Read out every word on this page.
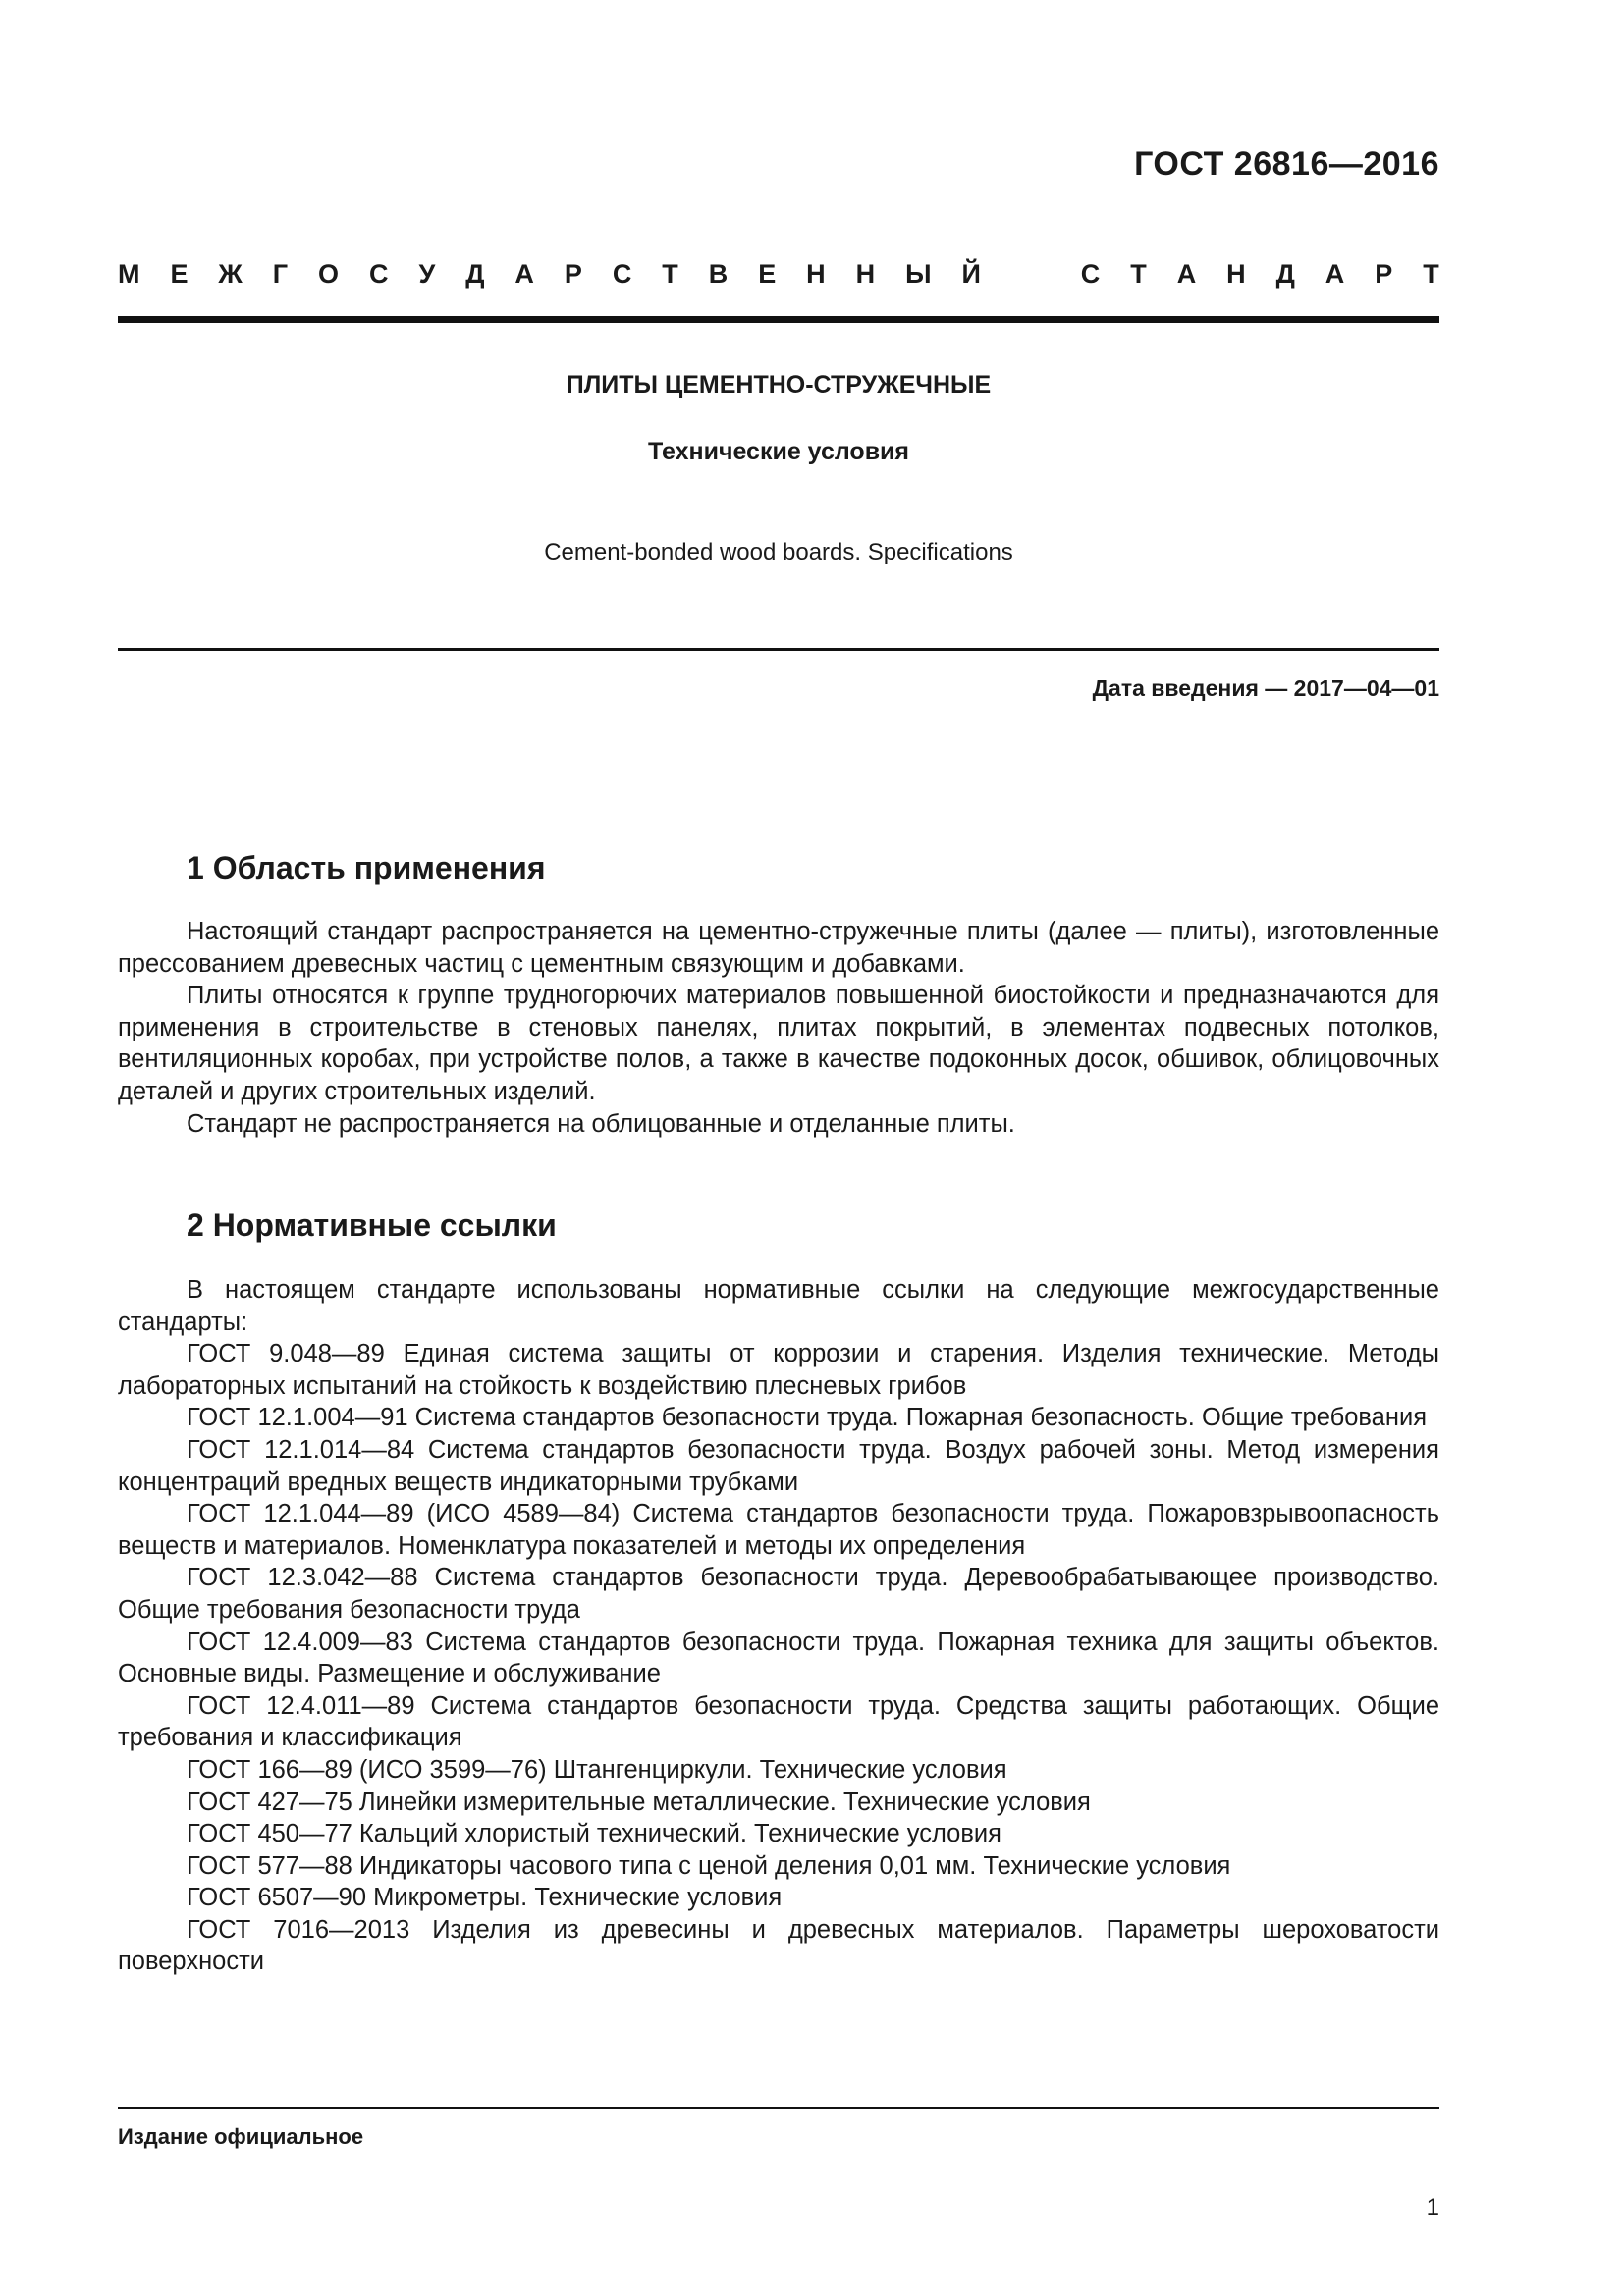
ГОСТ 26816—2016
М Е Ж Г О С У Д А Р С Т В Е Н Н Ы Й	С Т А Н Д А Р Т
ПЛИТЫ ЦЕМЕНТНО-СТРУЖЕЧНЫЕ
Технические условия
Cement-bonded wood boards. Specifications
Дата введения — 2017—04—01
1 Область применения

Настоящий стандарт распространяется на цементно-стружечные плиты (далее — плиты), изготовленные прессованием древесных частиц с цементным связующим и добавками.

Плиты относятся к группе трудногорючих материалов повышенной биостойкости и предназначаются для применения в строительстве в стеновых панелях, плитах покрытий, в элементах подвесных потолков, вентиляционных коробах, при устройстве полов, а также в качестве подоконных досок, обшивок, облицовочных деталей и других строительных изделий.

Стандарт не распространяется на облицованные и отделанные плиты.

2 Нормативные ссылки

В настоящем стандарте использованы нормативные ссылки на следующие межгосударственные стандарты:

ГОСТ 9.048—89 Единая система защиты от коррозии и старения. Изделия технические. Методы лабораторных испытаний на стойкость к воздействию плесневых грибов

ГОСТ 12.1.004—91 Система стандартов безопасности труда. Пожарная безопасность. Общие требования

ГОСТ 12.1.014—84 Система стандартов безопасности труда. Воздух рабочей зоны. Метод измерения концентраций вредных веществ индикаторными трубками

ГОСТ 12.1.044—89 (ИСО 4589—84) Система стандартов безопасности труда. Пожаровзрывоопасность веществ и материалов. Номенклатура показателей и методы их определения

ГОСТ 12.3.042—88 Система стандартов безопасности труда. Деревообрабатывающее производство. Общие требования безопасности труда

ГОСТ 12.4.009—83 Система стандартов безопасности труда. Пожарная техника для защиты объектов. Основные виды. Размещение и обслуживание

ГОСТ 12.4.011—89 Система стандартов безопасности труда. Средства защиты работающих. Общие требования и классификация

ГОСТ 166—89 (ИСО 3599—76) Штангенциркули. Технические условия

ГОСТ 427—75 Линейки измерительные металлические. Технические условия

ГОСТ 450—77 Кальций хлористый технический. Технические условия

ГОСТ 577—88 Индикаторы часового типа с ценой деления 0,01 мм. Технические условия

ГОСТ 6507—90 Микрометры. Технические условия

ГОСТ 7016—2013 Изделия из древесины и древесных материалов. Параметры шероховатости поверхности

Издание официальное
1
